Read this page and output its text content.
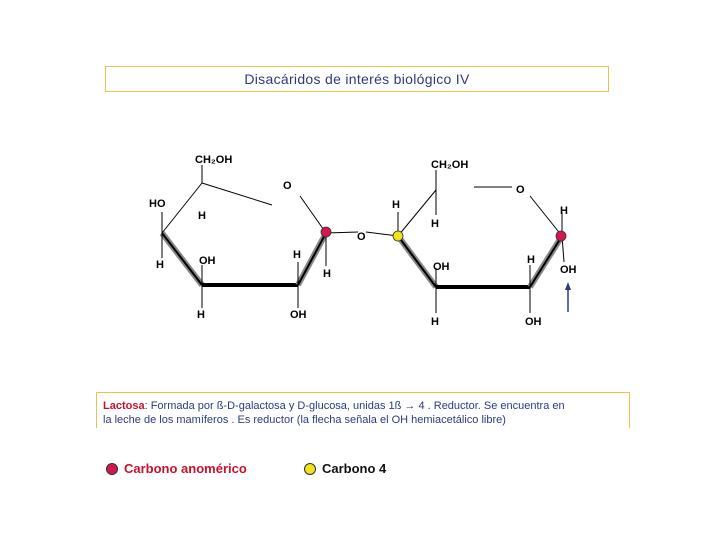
Disacáridos de interés biológico IV
CH₂OH
O
HO
H
H	OH	H
H
H	OH
O
CH₂OH
O
H
H
H
OH
H
OH
H	OH
Lactosa: Formada por ß-D-galactosa y D-glucosa, unidas 1ß → 4 . Reductor. Se encuentra en
la leche de los mamíferos . Es reductor (la flecha señala el OH hemiacetálico libre)
Carbono anomérico	Carbono 4
